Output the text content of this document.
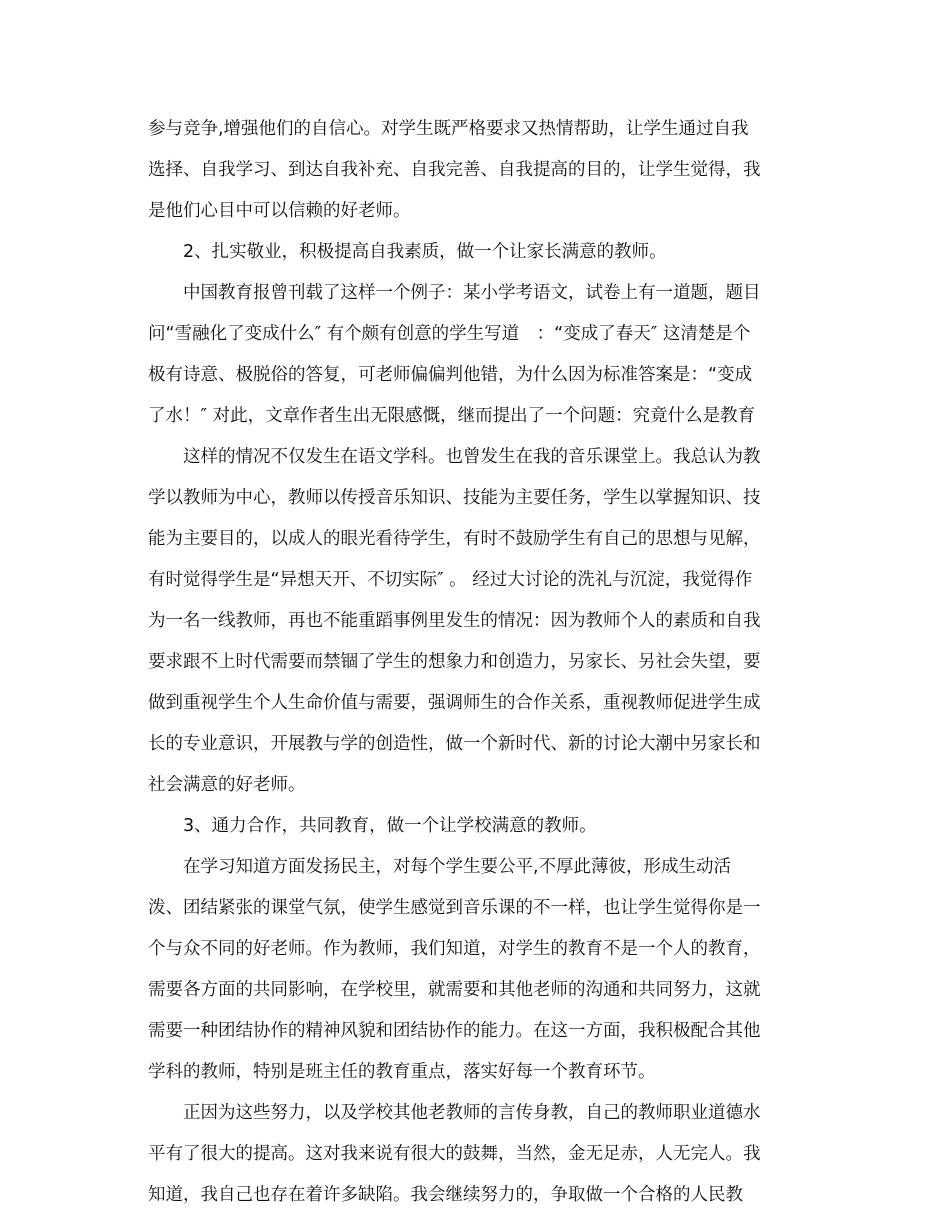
参与竞争,增强他们的自信心。对学生既严格要求又热情帮助，让学生通过自我
选择、自我学习、到达自我补充、自我完善、自我提高的目的，让学生觉得，我
是他们心目中可以信赖的好老师。
2、扎实敬业，积极提高自我素质，做一个让家长满意的教师。
中国教育报曾刊载了这样一个例子：某小学考语文，试卷上有一道题，题目
问“雪融化了变成什么″ 有个颇有创意的学生写道　：“变成了春天″ 这清楚是个
极有诗意、极脱俗的答复，可老师偏偏判他错，为什么因为标准答案是：“变成
了水！″ 对此，文章作者生出无限感慨，继而提出了一个问题：究竟什么是教育
这样的情况不仅发生在语文学科。也曾发生在我的音乐课堂上。我总认为教
学以教师为中心，教师以传授音乐知识、技能为主要任务，学生以掌握知识、技
能为主要目的，以成人的眼光看待学生，有时不鼓励学生有自己的思想与见解，
有时觉得学生是“异想天开、不切实际″ 。 经过大讨论的洗礼与沉淀，我觉得作
为一名一线教师，再也不能重蹈事例里发生的情况：因为教师个人的素质和自我
要求跟不上时代需要而禁锢了学生的想象力和创造力，另家长、另社会失望，要
做到重视学生个人生命价值与需要，强调师生的合作关系，重视教师促进学生成
长的专业意识，开展教与学的创造性，做一个新时代、新的讨论大潮中另家长和
社会满意的好老师。
3、通力合作，共同教育，做一个让学校满意的教师。
在学习知道方面发扬民主，对每个学生要公平,不厚此薄彼，形成生动活
泼、团结紧张的课堂气氛，使学生感觉到音乐课的不一样，也让学生觉得你是一
个与众不同的好老师。作为教师，我们知道，对学生的教育不是一个人的教育，
需要各方面的共同影响，在学校里，就需要和其他老师的沟通和共同努力，这就
需要一种团结协作的精神风貌和团结协作的能力。在这一方面，我积极配合其他
学科的教师，特别是班主任的教育重点，落实好每一个教育环节。
正因为这些努力，以及学校其他老教师的言传身教，自己的教师职业道德水
平有了很大的提高。这对我来说有很大的鼓舞，当然，金无足赤，人无完人。我
知道，我自己也存在着许多缺陷。我会继续努力的，争取做一个合格的人民教
